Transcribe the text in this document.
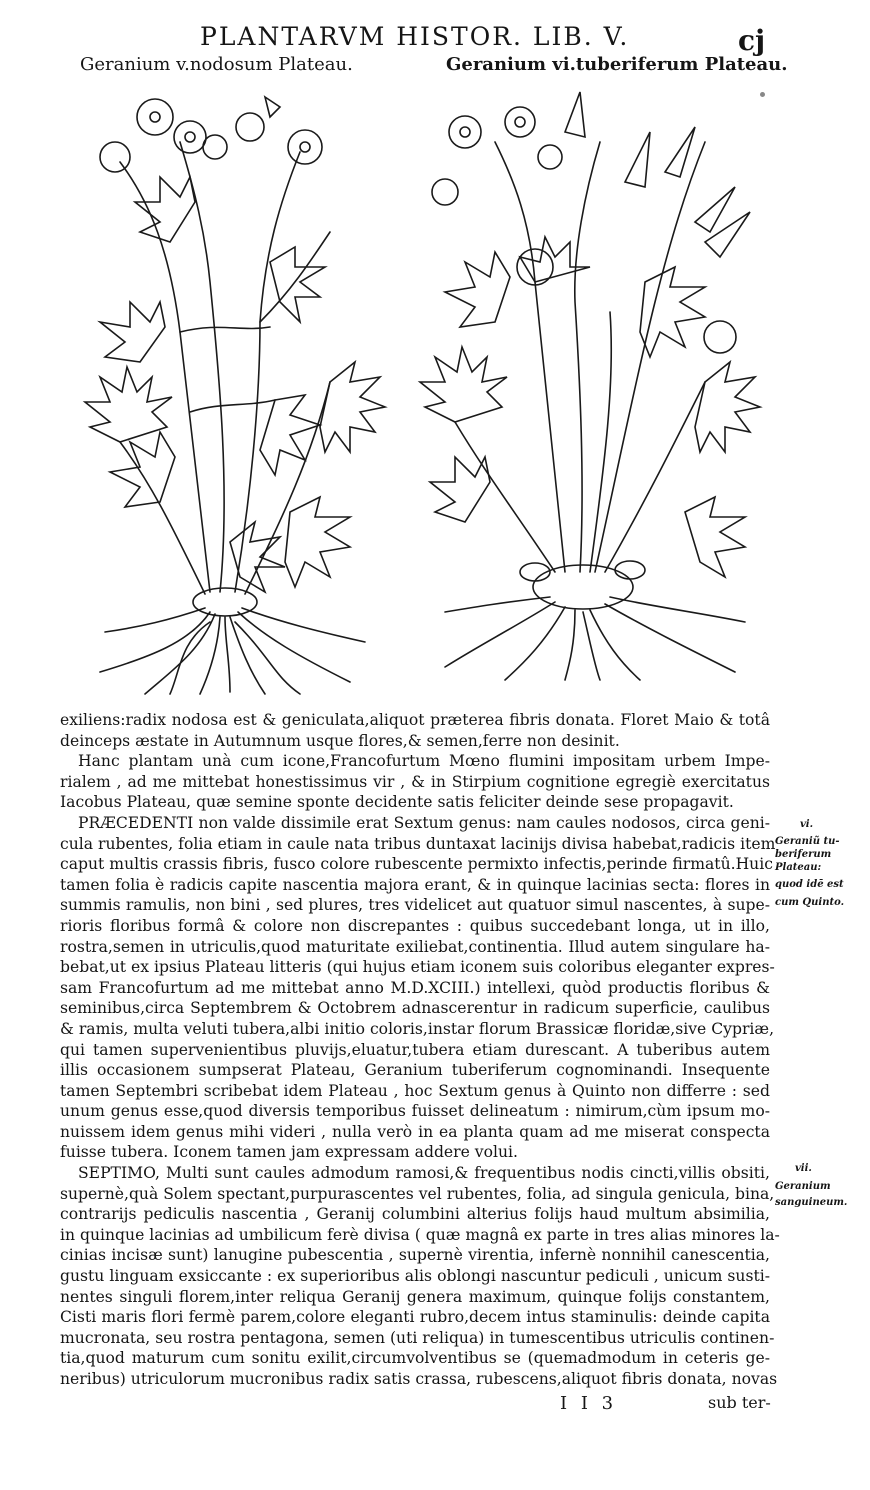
PLANTARVM HISTOR. LIB. V.	cj
Geranium v.nodosum Plateau.	Geranium vi.tuberiferum Plateau.
exiliens:radix nodosa est & geniculata,aliquot præterea fibris donata. Floret Maio & totâ
deinceps æstate in Autumnum usque flores,& semen,ferre non desinit.
Hanc plantam unà cum icone,Francofurtum Mœno flumini impositam urbem Impe-
rialem , ad me mittebat honestissimus vir , & in Stirpium cognitione egregiè exercitatus
Iacobus Plateau, quæ semine sponte decidente satis feliciter deinde sese propagavit.
PRÆCEDENTI non valde dissimile erat Sextum genus: nam caules nodosos, circa geni-
cula rubentes, folia etiam in caule nata tribus duntaxat lacinijs divisa habebat,radicis item
caput multis crassis fibris, fusco colore rubescente permixto infectis,perinde firmatû.Huic
tamen folia è radicis capite nascentia majora erant, & in quinque lacinias secta: flores in
summis ramulis, non bini , sed plures, tres videlicet aut quatuor simul nascentes, à supe-
rioris floribus formâ & colore non discrepantes : quibus succedebant longa, ut in illo,
rostra,semen in utriculis,quod maturitate exiliebat,continentia. Illud autem singulare ha-
bebat,ut ex ipsius Plateau litteris (qui hujus etiam iconem suis coloribus eleganter expres-
sam Francofurtum ad me mittebat anno M.D.XCIII.) intellexi, quòd productis floribus &
seminibus,circa Septembrem & Octobrem adnascerentur in radicum superficie, caulibus
& ramis, multa veluti tubera,albi initio coloris,instar florum Brassicæ floridæ,sive Cypriæ,
qui tamen supervenientibus pluvijs,eluatur,tubera etiam durescant. A tuberibus autem
illis occasionem sumpserat Plateau, Geranium tuberiferum cognominandi. Insequente
tamen Septembri scribebat idem Plateau , hoc Sextum genus à Quinto non differre : sed
unum genus esse,quod diversis temporibus fuisset delineatum : nimirum,cùm ipsum mo-
nuissem idem genus mihi videri , nulla verò in ea planta quam ad me miserat conspecta
fuisse tubera. Iconem tamen jam expressam addere volui.
SEPTIMO, Multi sunt caules admodum ramosi,& frequentibus nodis cincti,villis obsiti,
supernè,quà Solem spectant,purpurascentes vel rubentes, folia, ad singula genicula, bina,
contrarijs pediculis nascentia , Geranij columbini alterius folijs haud multum absimilia,
in quinque lacinias ad umbilicum ferè divisa ( quæ magnâ ex parte in tres alias minores la-
cinias incisæ sunt) lanugine pubescentia , supernè virentia, infernè nonnihil canescentia,
gustu linguam exsiccante : ex superioribus alis oblongi nascuntur pediculi , unicum susti-
nentes singuli florem,inter reliqua Geranij genera maximum, quinque folijs constantem,
Cisti maris flori fermè parem,colore eleganti rubro,decem intus staminulis: deinde capita
mucronata, seu rostra pentagona, semen (uti reliqua) in tumescentibus utriculis continen-
tia,quod maturum cum sonitu exilit,circumvolventibus se (quemadmodum in ceteris ge-
neribus) utriculorum mucronibus radix satis crassa, rubescens,aliquot fibris donata, novas
vi.
Geraniũ tu-
beriferum
Plateau:
quod idē est
cum Quinto.
vii.
Geranium
sanguineum.
I I 3	sub ter-
